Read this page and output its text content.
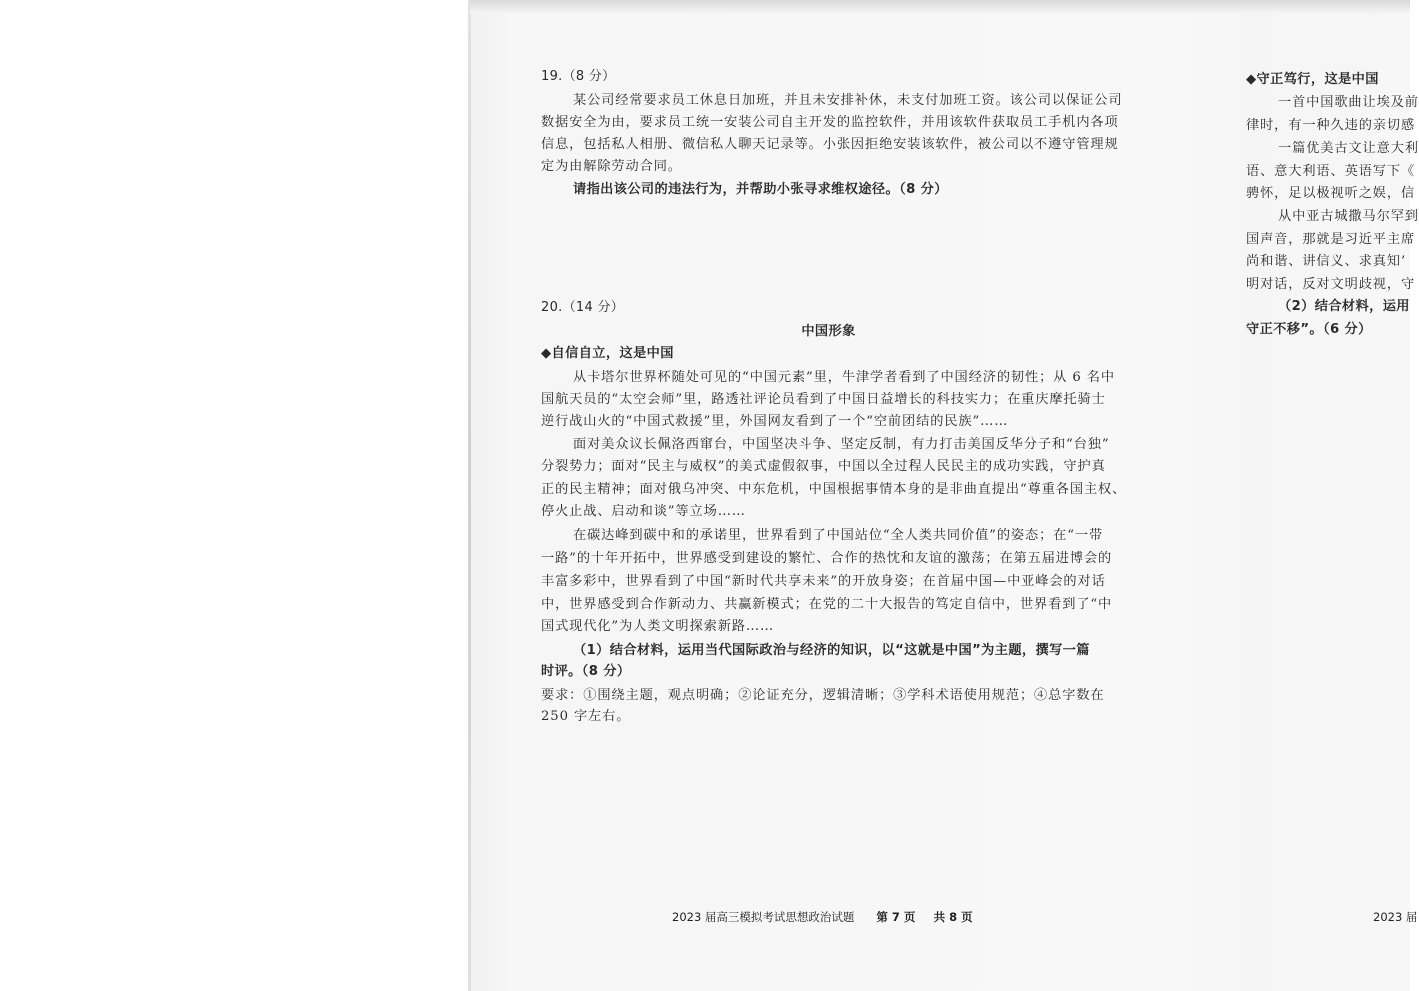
19.（8 分）
某公司经常要求员工休息日加班，并且未安排补休，未支付加班工资。该公司以保证公司
数据安全为由，要求员工统一安装公司自主开发的监控软件，并用该软件获取员工手机内各项
信息，包括私人相册、微信私人聊天记录等。小张因拒绝安装该软件，被公司以不遵守管理规
定为由解除劳动合同。
请指出该公司的违法行为，并帮助小张寻求维权途径。（8 分）
20.（14 分）
中国形象
◆自信自立，这是中国
从卡塔尔世界杯随处可见的“中国元素”里，牛津学者看到了中国经济的韧性；从 6 名中
国航天员的“太空会师”里，路透社评论员看到了中国日益增长的科技实力；在重庆摩托骑士
逆行战山火的“中国式救援”里，外国网友看到了一个“空前团结的民族”……
面对美众议长佩洛西窜台，中国坚决斗争、坚定反制，有力打击美国反华分子和“台独”
分裂势力；面对“民主与威权”的美式虚假叙事，中国以全过程人民民主的成功实践，守护真
正的民主精神；面对俄乌冲突、中东危机，中国根据事情本身的是非曲直提出“尊重各国主权、
停火止战、启动和谈”等立场……
在碳达峰到碳中和的承诺里，世界看到了中国站位“全人类共同价值”的姿态；在“一带
一路”的十年开拓中，世界感受到建设的繁忙、合作的热忱和友谊的激荡；在第五届进博会的
丰富多彩中，世界看到了中国“新时代共享未来”的开放身姿；在首届中国—中亚峰会的对话
中，世界感受到合作新动力、共赢新模式；在党的二十大报告的笃定自信中，世界看到了“中
国式现代化”为人类文明探索新路……
（1）结合材料，运用当代国际政治与经济的知识，以“这就是中国”为主题，撰写一篇
时评。（8 分）
要求：①围绕主题，观点明确；②论证充分，逻辑清晰；③学科术语使用规范；④总字数在
250 字左右。
2023 届高三模拟考试思想政治试题 第 7 页 共 8 页
◆守正笃行，这是中国
一首中国歌曲让埃及前
律时，有一种久违的亲切感
一篇优美古文让意大利
语、意大利语、英语写下《
骋怀，足以极视听之娱，信
从中亚古城撒马尔罕到
国声音，那就是习近平主席
尚和谐、讲信义、求真知’
明对话，反对文明歧视，守
（2）结合材料，运用
守正不移”。（6 分）
2023 届
